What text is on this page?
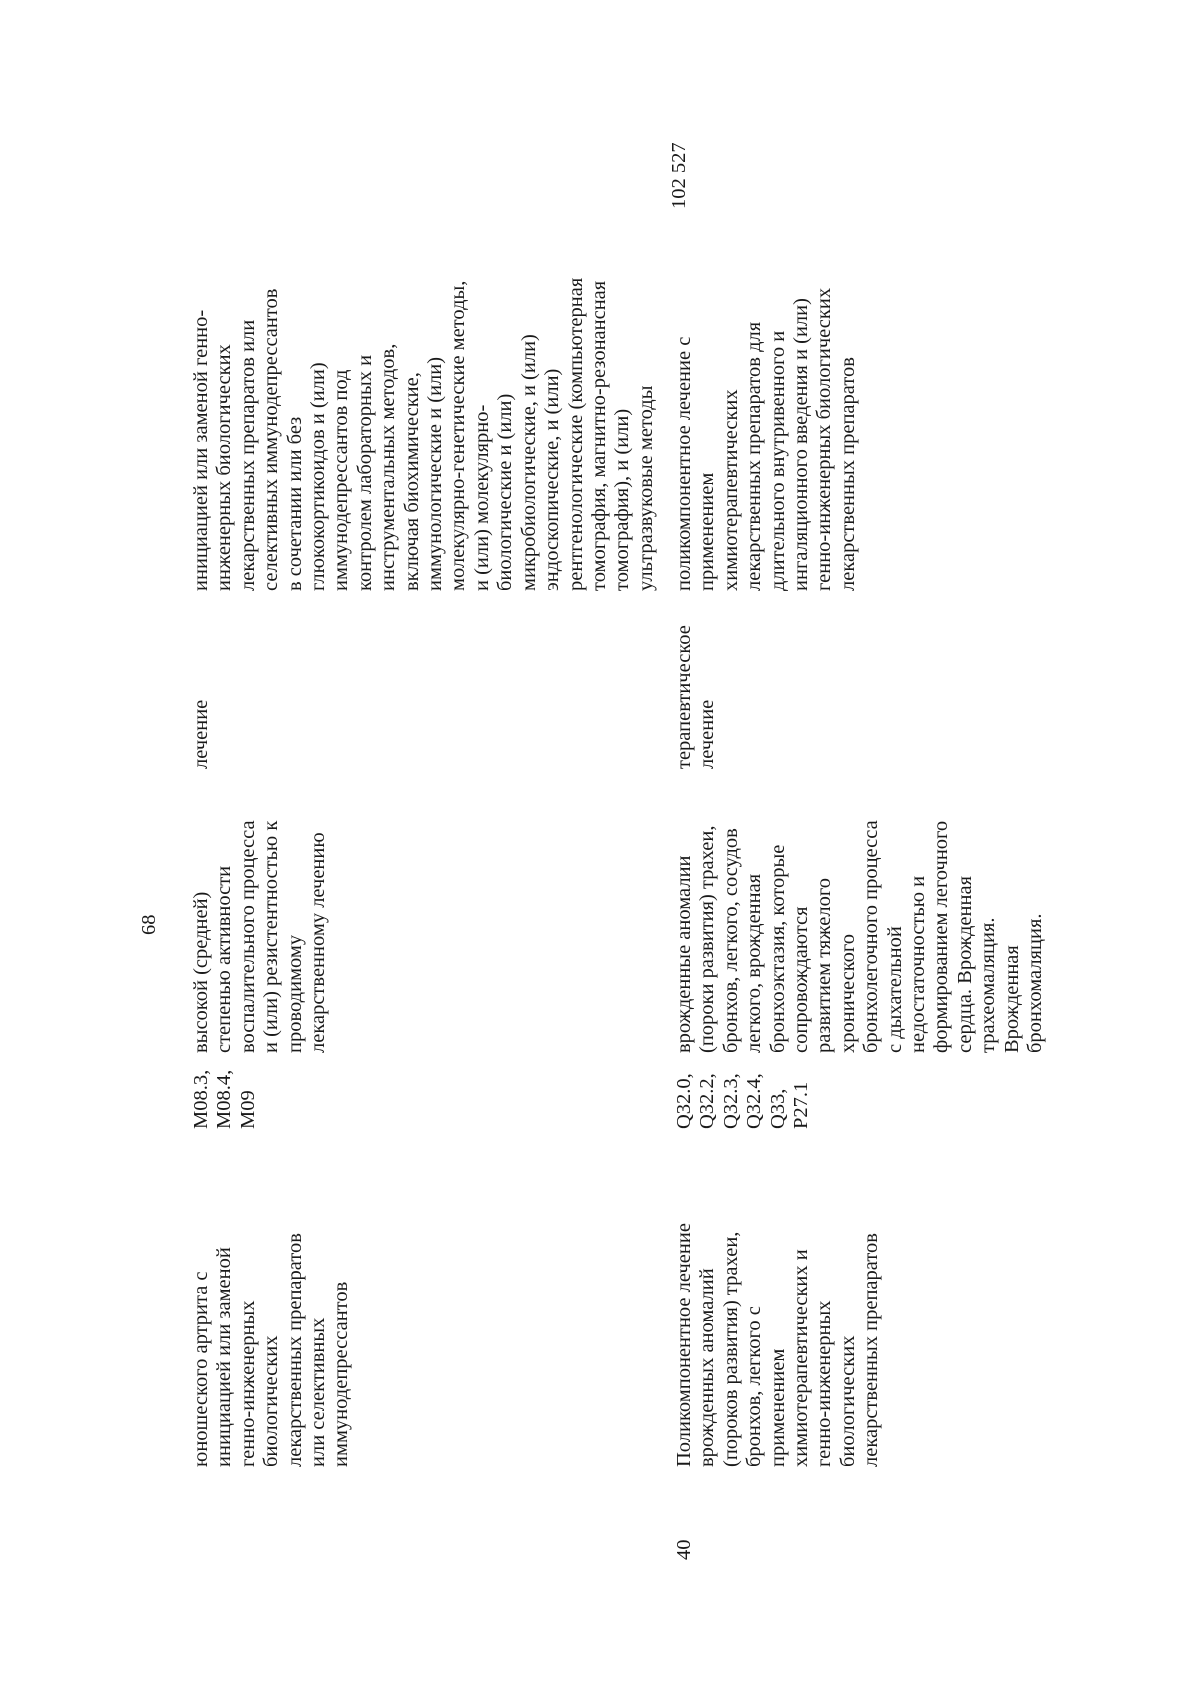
68
102 527
юношеского артрита с инициацией или заменой генно-инженерных биологических лекарственных препаратов или селективных иммунодепрессантов
M08.3, M08.4, M09
высокой (средней) степенью активности воспалительного процесса и (или) резистентностью к проводимому лекарственному лечению
лечение
инициацией или заменой генно- инженерных биологических лекарственных препаратов или селективных иммунодепрессантов в сочетании или без глюкокортикоидов и (или) иммунодепрессантов под контролем лабораторных и инструментальных методов, включая биохимические, иммунологические и (или) молекулярно-генетические методы, и (или) молекулярно- биологические и (или) микробиологические, и (или) эндоскопические, и (или) рентгенологические (компьютерная томография, магнитно-резонансная томография), и (или) ультразвуковые методы
40
Поликомпонентное лечение врожденных аномалий (пороков развития) трахеи, бронхов, легкого с применением химиотерапевтических и генно-инженерных биологических лекарственных препаратов
Q32.0, Q32.2, Q32.3, Q32.4, Q33, P27.1
врожденные аномалии (пороки развития) трахеи, бронхов, легкого, сосудов легкого, врожденная бронхоэктазия, которые сопровождаются развитием тяжелого хронического бронхолегочного процесса с дыхательной недостаточностью и формированием легочного сердца. Врожденная трахеомаляция. Врожденная бронхомаляция.
терапевтическое лечение
поликомпонентное лечение с применением химиотерапевтических лекарственных препаратов для длительного внутривенного и ингаляционного введения и (или) генно-инженерных биологических лекарственных препаратов
